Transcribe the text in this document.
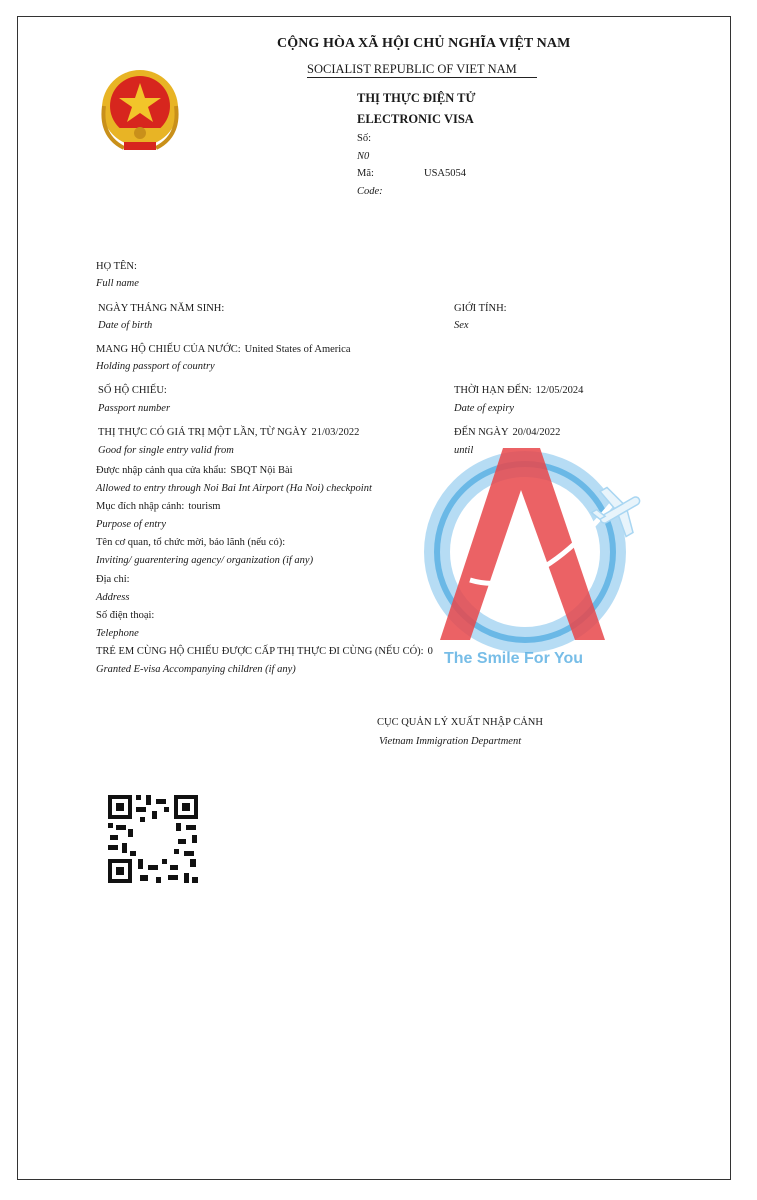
CỘNG HÒA XÃ HỘI CHỦ NGHĨA VIỆT NAM
SOCIALIST REPUBLIC OF VIET NAM
THỊ THỰC ĐIỆN TỬ
ELECTRONIC VISA
Số:
N0
Mã:	USA5054
Code:
The Smile For You
HỌ TÊN:
Full name
NGÀY THÁNG NĂM SINH:
Date of birth
GIỚI TÍNH:
Sex
MANG HỘ CHIẾU CỦA NƯỚC: United States of America
Holding passport of country
SỐ HỘ CHIẾU:
Passport number
THỜI HẠN ĐẾN: 12/05/2024
Date of expiry
THỊ THỰC CÓ GIÁ TRỊ MỘT LẦN, TỪ NGÀY 21/03/2022
Good for single entry valid from
ĐẾN NGÀY 20/04/2022
until
Được nhập cảnh qua cửa khẩu: SBQT Nội Bài
Allowed to entry through Noi Bai Int Airport (Ha Noi) checkpoint
Mục đích nhập cảnh: tourism
Purpose of entry
Tên cơ quan, tổ chức mời, bảo lãnh (nếu có):
Inviting/ guarentering agency/ organization (if any)
Địa chỉ:
Address
Số điện thoại:
Telephone
TRẺ EM CÙNG HỘ CHIẾU ĐƯỢC CẤP THỊ THỰC ĐI CÙNG (NẾU CÓ): 0
Granted E-visa Accompanying children (if any)
CỤC QUẢN LÝ XUẤT NHẬP CẢNH
Vietnam Immigration Department
